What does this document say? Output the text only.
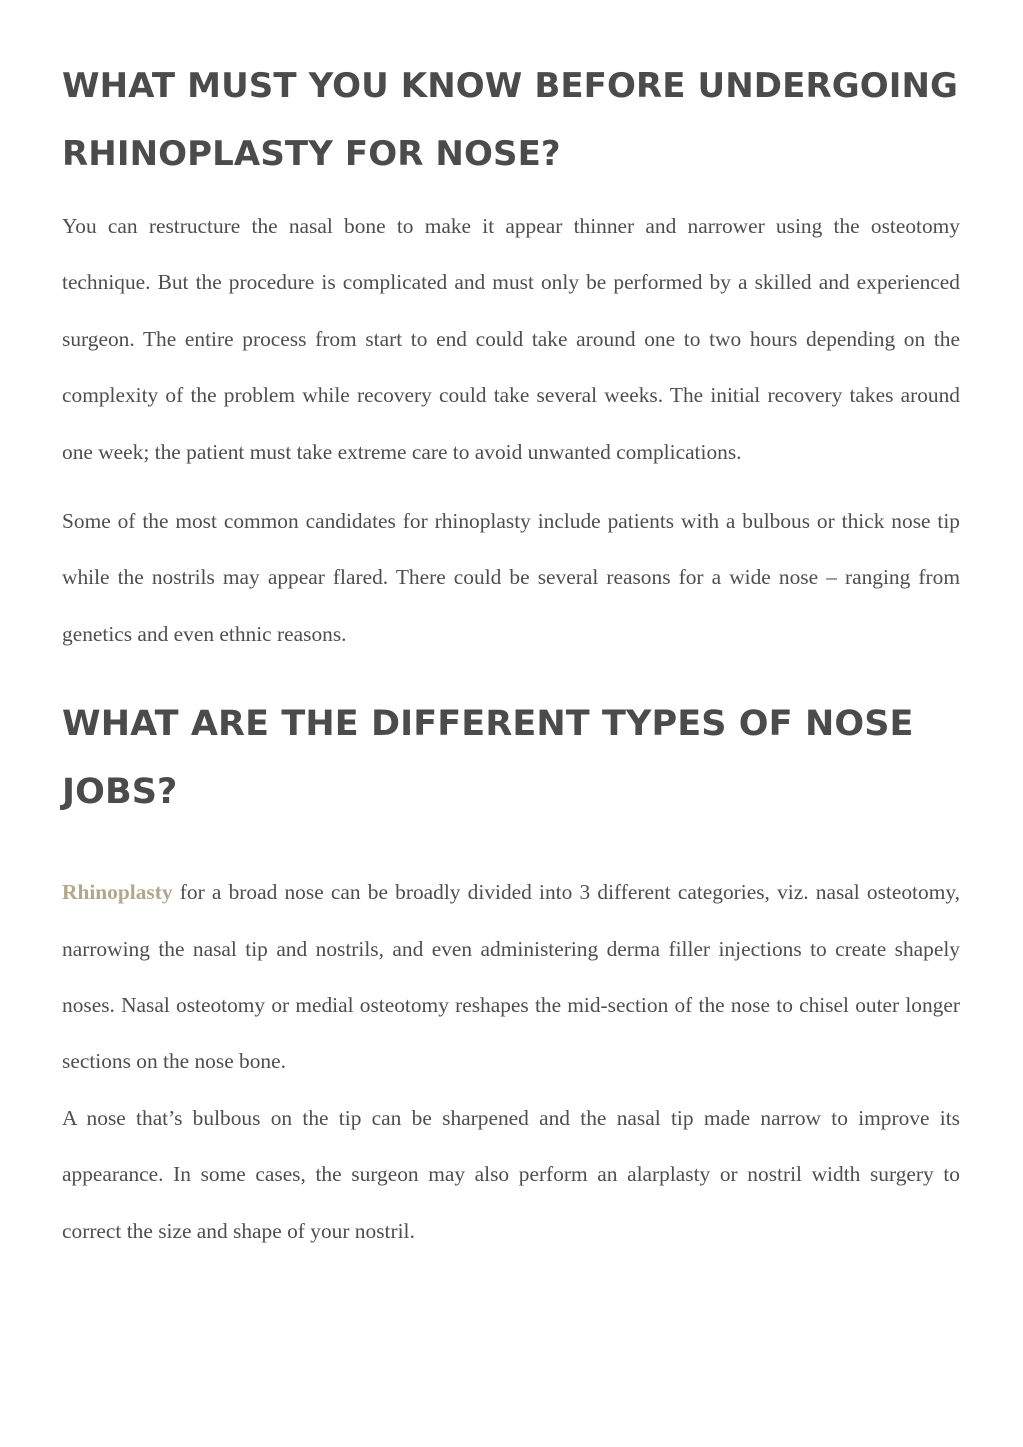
WHAT MUST YOU KNOW BEFORE UNDERGOING
RHINOPLASTY FOR NOSE?

You can restructure the nasal bone to make it appear thinner and narrower using the osteotomy technique. But the procedure is complicated and must only be performed by a skilled and experienced surgeon. The entire process from start to end could take around one to two hours depending on the complexity of the problem while recovery could take several weeks. The initial recovery takes around one week; the patient must take extreme care to avoid unwanted complications.

Some of the most common candidates for rhinoplasty include patients with a bulbous or thick nose tip while the nostrils may appear flared. There could be several reasons for a wide nose – ranging from genetics and even ethnic reasons.

WHAT ARE THE DIFFERENT TYPES OF NOSE JOBS?

Rhinoplasty for a broad nose can be broadly divided into 3 different categories, viz. nasal osteotomy, narrowing the nasal tip and nostrils, and even administering derma filler injections to create shapely noses. Nasal osteotomy or medial osteotomy reshapes the mid-section of the nose to chisel outer longer sections on the nose bone.

A nose that’s bulbous on the tip can be sharpened and the nasal tip made narrow to improve its appearance. In some cases, the surgeon may also perform an alarplasty or nostril width surgery to correct the size and shape of your nostril.
